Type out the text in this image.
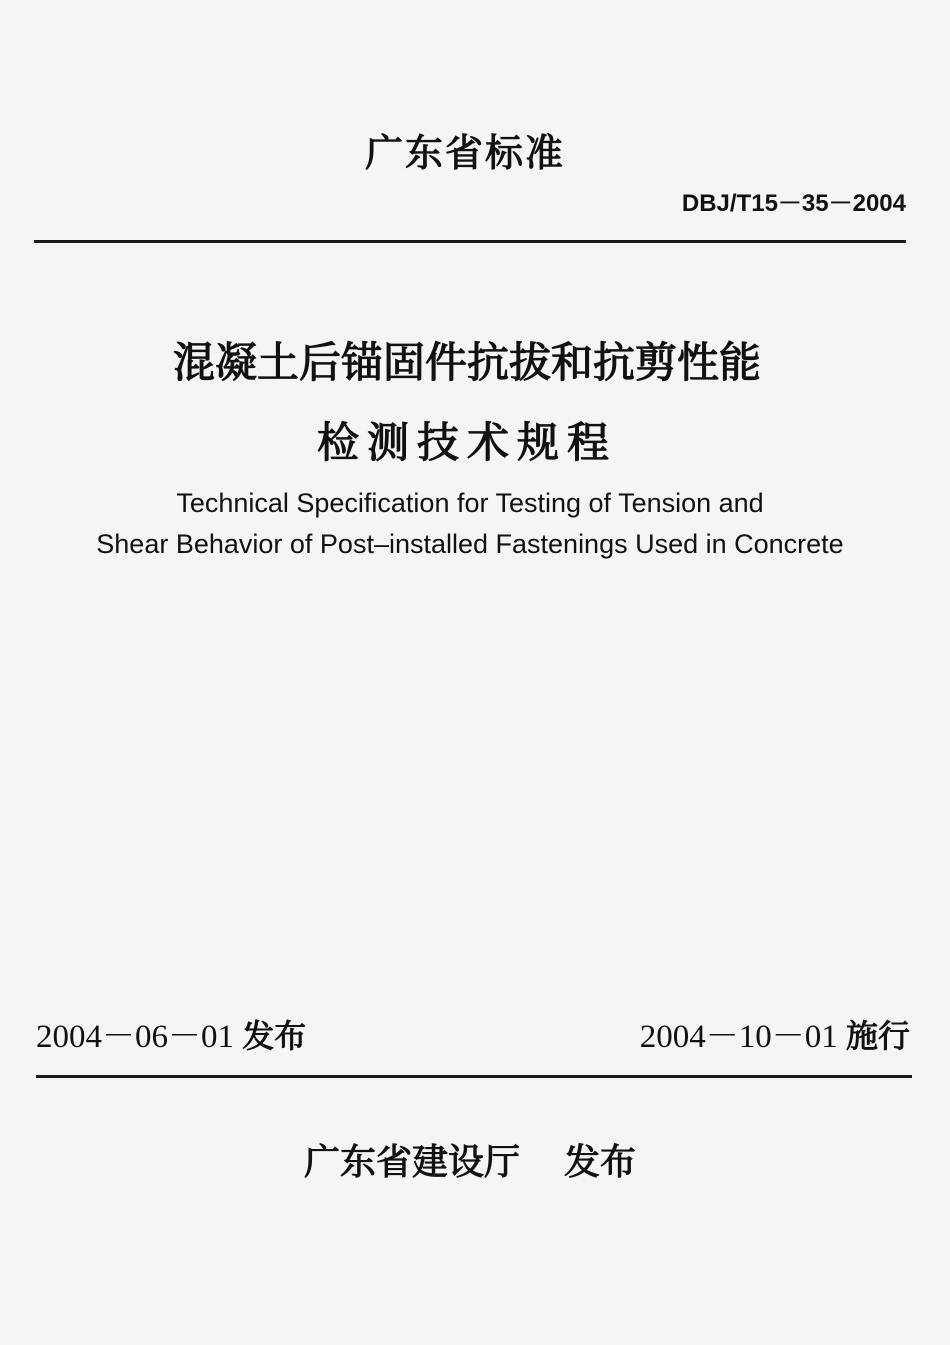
广东省标准
DBJ/T15－35－2004
混凝土后锚固件抗拔和抗剪性能
检测技术规程
Technical Specification for Testing of Tension and
Shear Behavior of Post–installed Fastenings Used in Concrete
2004－06－01 发布	2004－10－01 施行
广东省建设厅 发布
